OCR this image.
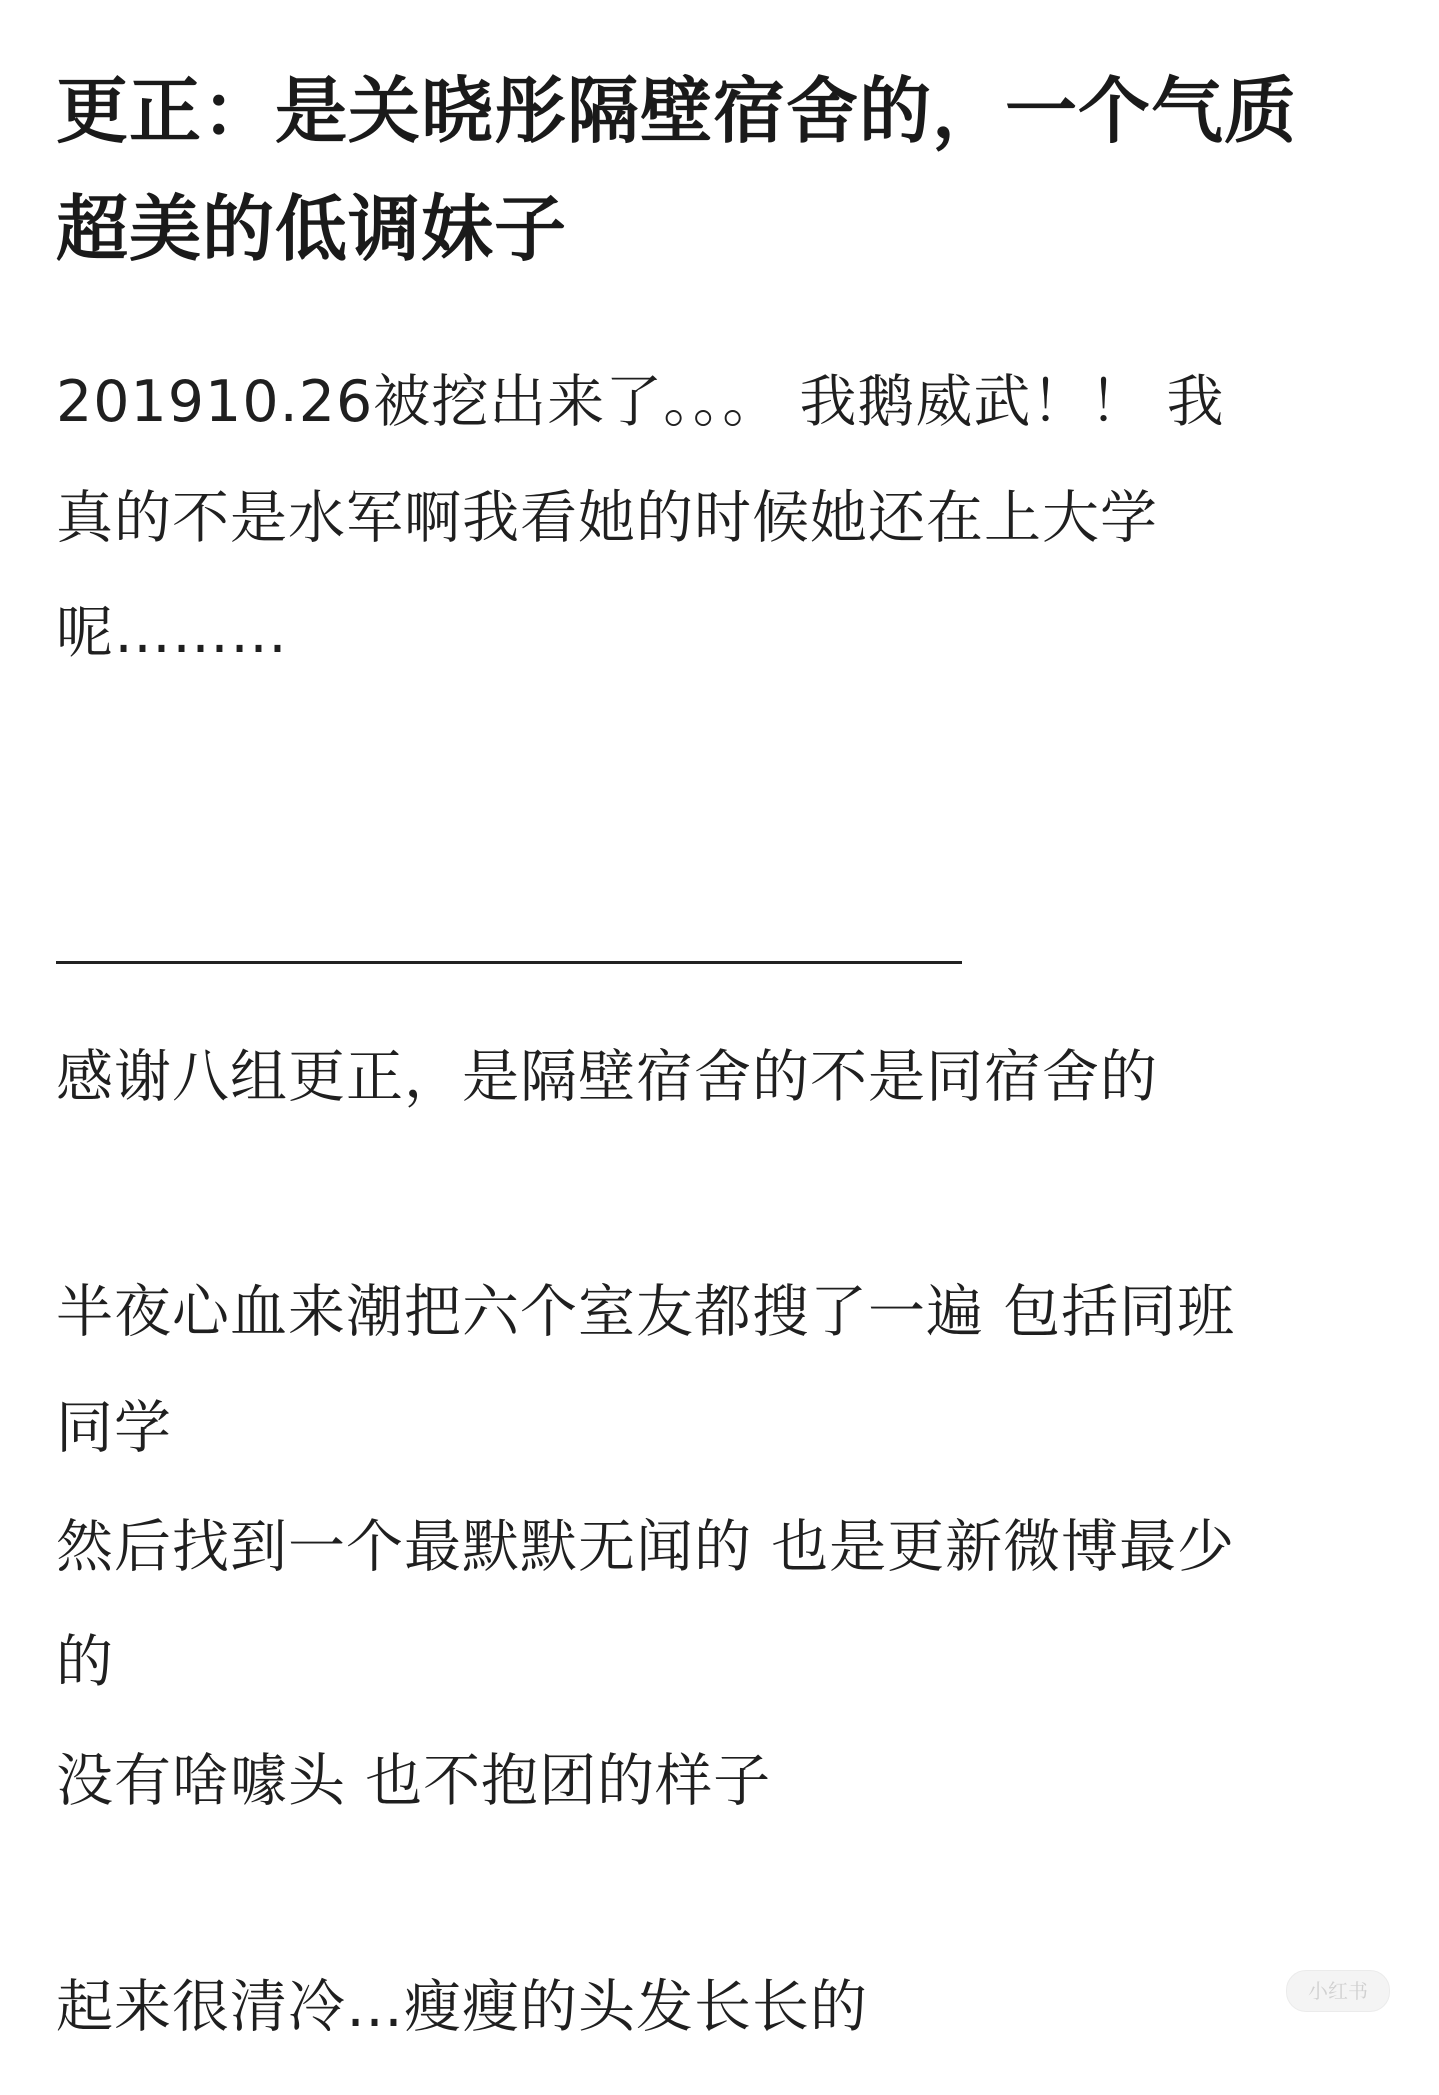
更正：是关晓彤隔壁宿舍的，一个气质
超美的低调妹子
201910.26被挖出来了。。。 我鹅威武！！ 我
真的不是水军啊我看她的时候她还在上大学
呢………
感谢八组更正，是隔壁宿舍的不是同宿舍的
半夜心血来潮把六个室友都搜了一遍 包括同班
同学
然后找到一个最默默无闻的 也是更新微博最少
的
没有啥噱头 也不抱团的样子
起来很清冷…瘦瘦的头发长长的	小红书
